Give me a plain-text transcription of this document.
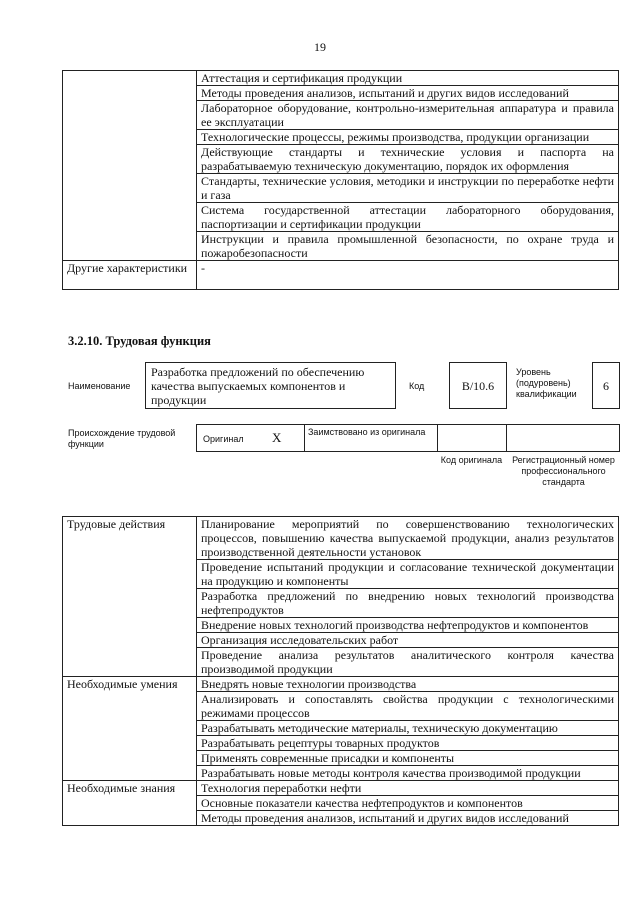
19
	Аттестация и сертификация продукции
	Методы проведения анализов, испытаний и других видов исследований
	Лабораторное оборудование, контрольно-измерительная аппаратура и правила ее эксплуатации
	Технологические процессы, режимы производства, продукции организации
	Действующие стандарты и технические условия и паспорта на разрабатываемую техническую документацию, порядок их оформления
	Стандарты, технические условия, методики и инструкции по переработке нефти и газа
	Система государственной аттестации лабораторного оборудования, паспортизации и сертификации продукции
	Инструкции и правила промышленной безопасности, по охране труда и пожаробезопасности
Другие характеристики	-
3.2.10. Трудовая функция
Наименование
Разработка предложений по обеспечению качества выпускаемых компонентов и продукции
Код	B/10.6
Уровень (подуровень) квалификации
6
Происхождение трудовой функции	Оригинал X	Заимствовано из оригинала
Код оригинала	Регистрационный номер профессионального стандарта
Трудовые действия	Планирование мероприятий по совершенствованию технологических процессов, повышению качества выпускаемой продукции, анализ результатов производственной деятельности установок
	Проведение испытаний продукции и согласование технической документации на продукцию и компоненты
	Разработка предложений по внедрению новых технологий производства нефтепродуктов
	Внедрение новых технологий производства нефтепродуктов и компонентов
	Организация исследовательских работ
	Проведение анализа результатов аналитического контроля качества производимой продукции
Необходимые умения	Внедрять новые технологии производства
	Анализировать и сопоставлять свойства продукции с технологическими режимами процессов
	Разрабатывать методические материалы, техническую документацию
	Разрабатывать рецептуры товарных продуктов
	Применять современные присадки и компоненты
	Разрабатывать новые методы контроля качества производимой продукции
Необходимые знания	Технология переработки нефти
	Основные показатели качества нефтепродуктов и компонентов
	Методы проведения анализов, испытаний и других видов исследований
